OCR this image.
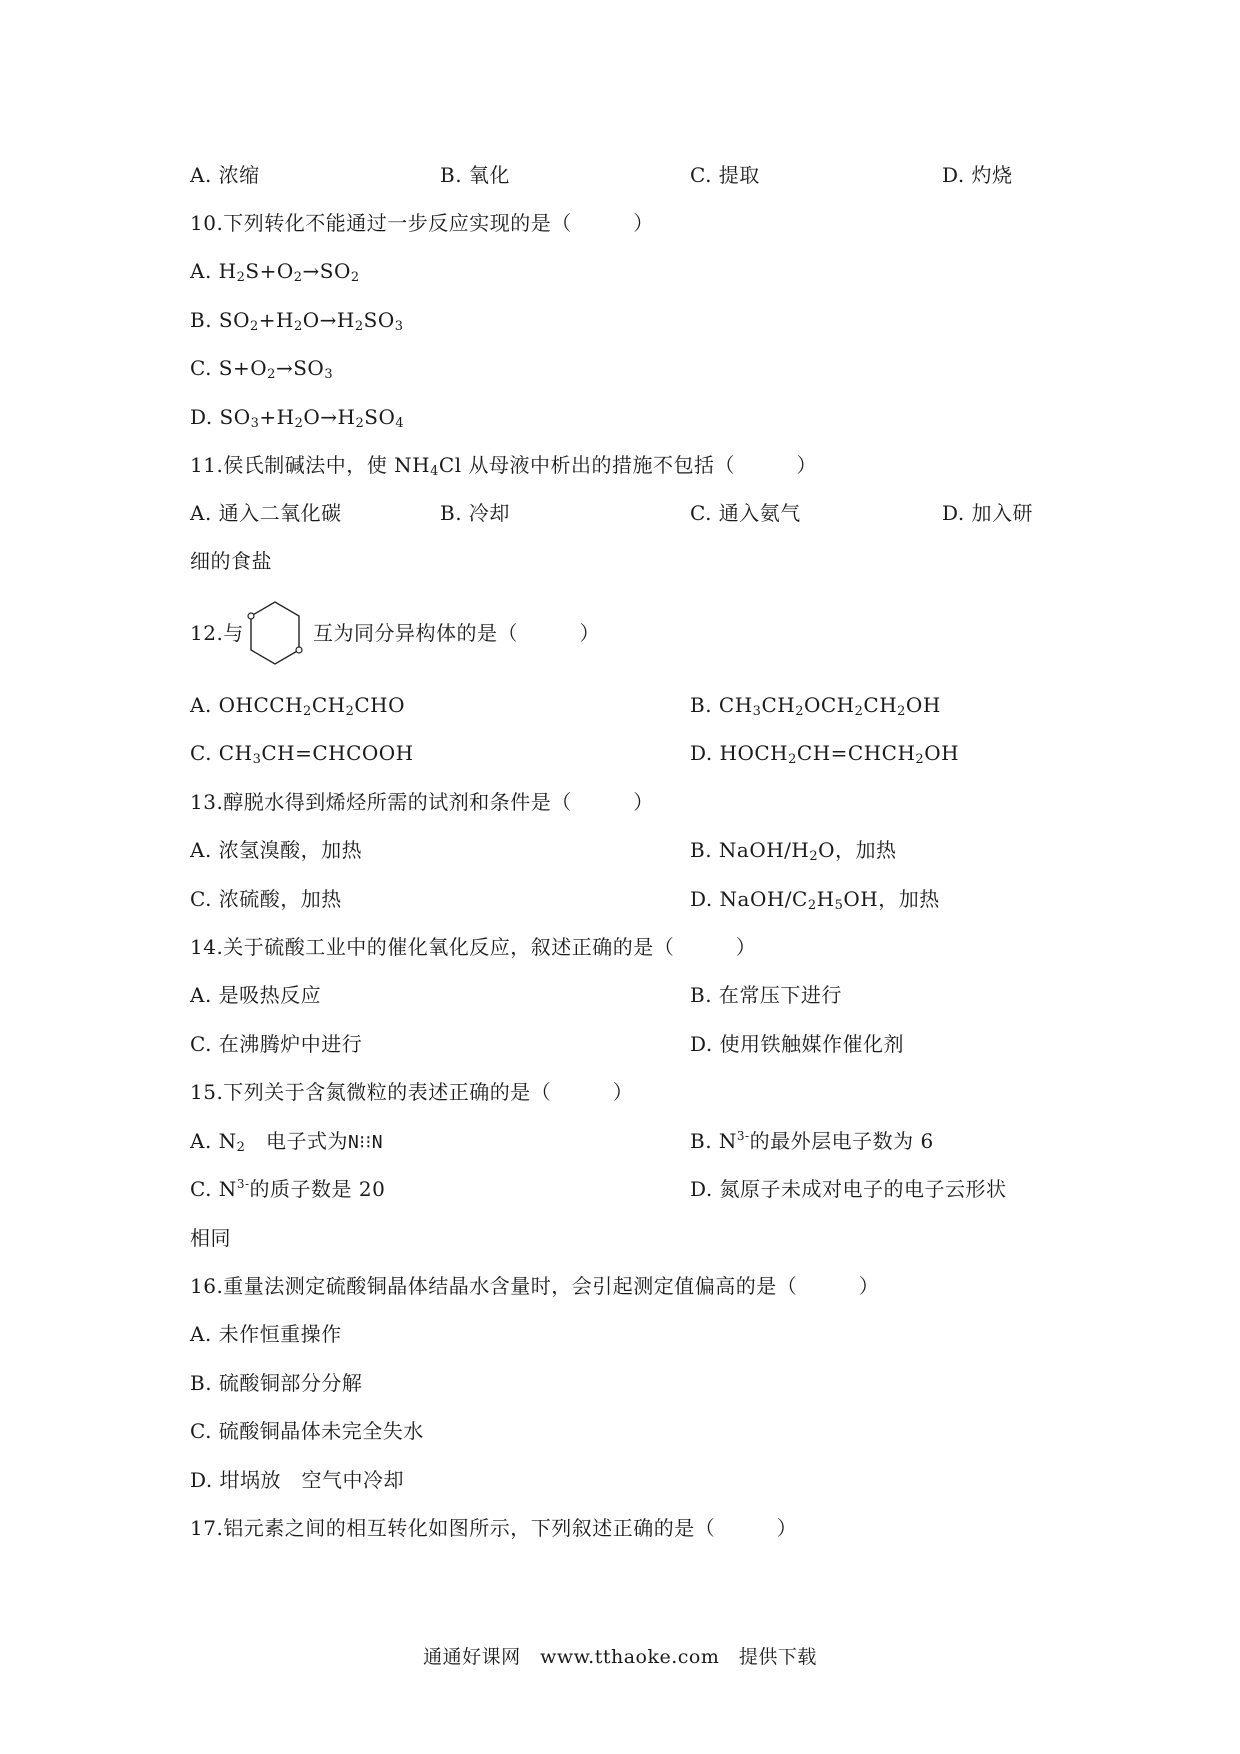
A. 浓缩	B. 氧化	C. 提取	D. 灼烧
10.下列转化不能通过一步反应实现的是（　　　）
A. $H_2S+O_2\to SO_2$
B. $SO_2+H_2O\to H_2SO_3$
C. $S+O_2\to SO_3$
D. $SO_3+H_2O\to H_2SO_4$
11.侯氏制碱法中，使 $NH_4Cl$ 从母液中析出的措施不包括（　　　）
A. 通入二氧化碳	B. 冷却	C. 通入氨气	D. 加入研
细的食盐
12.与	互为同分异构体的是（　　　）
A. $OHCCH_2CH_2CHO$	B. $CH_3CH_2OCH_2CH_2OH$
C. $CH_3CH=CHCOOH$	D. $HOCH_2CH=CHCH_2OH$
13.醇脱水得到烯烃所需的试剂和条件是（　　　）
A. 浓氢溴酸，加热	B. NaOH/$H_2O$，加热
C. 浓硫酸，加热	D. NaOH/$C_2H_5OH$，加热
14.关于硫酸工业中的催化氧化反应，叙述正确的是（　　　）
A. 是吸热反应	B. 在常压下进行
C. 在沸腾炉中进行	D. 使用铁触媒作催化剂
15.下列关于含氮微粒的表述正确的是（　　　）
A. $N_2$　电子式为N⁝⁝N	B. $N^{3-}$的最外层电子数为 6
C. $N^{3-}$的质子数是 20	D. 氮原子未成对电子的电子云形状
相同
16.重量法测定硫酸铜晶体结晶水含量时，会引起测定值偏高的是（　　　）
A. 未作恒重操作
B. 硫酸铜部分分解
C. 硫酸铜晶体未完全失水
D. 坩埚放　空气中冷却
17.铝元素之间的相互转化如图所示，下列叙述正确的是（　　　）
通通好课网　www.tthaoke.com　提供下载
